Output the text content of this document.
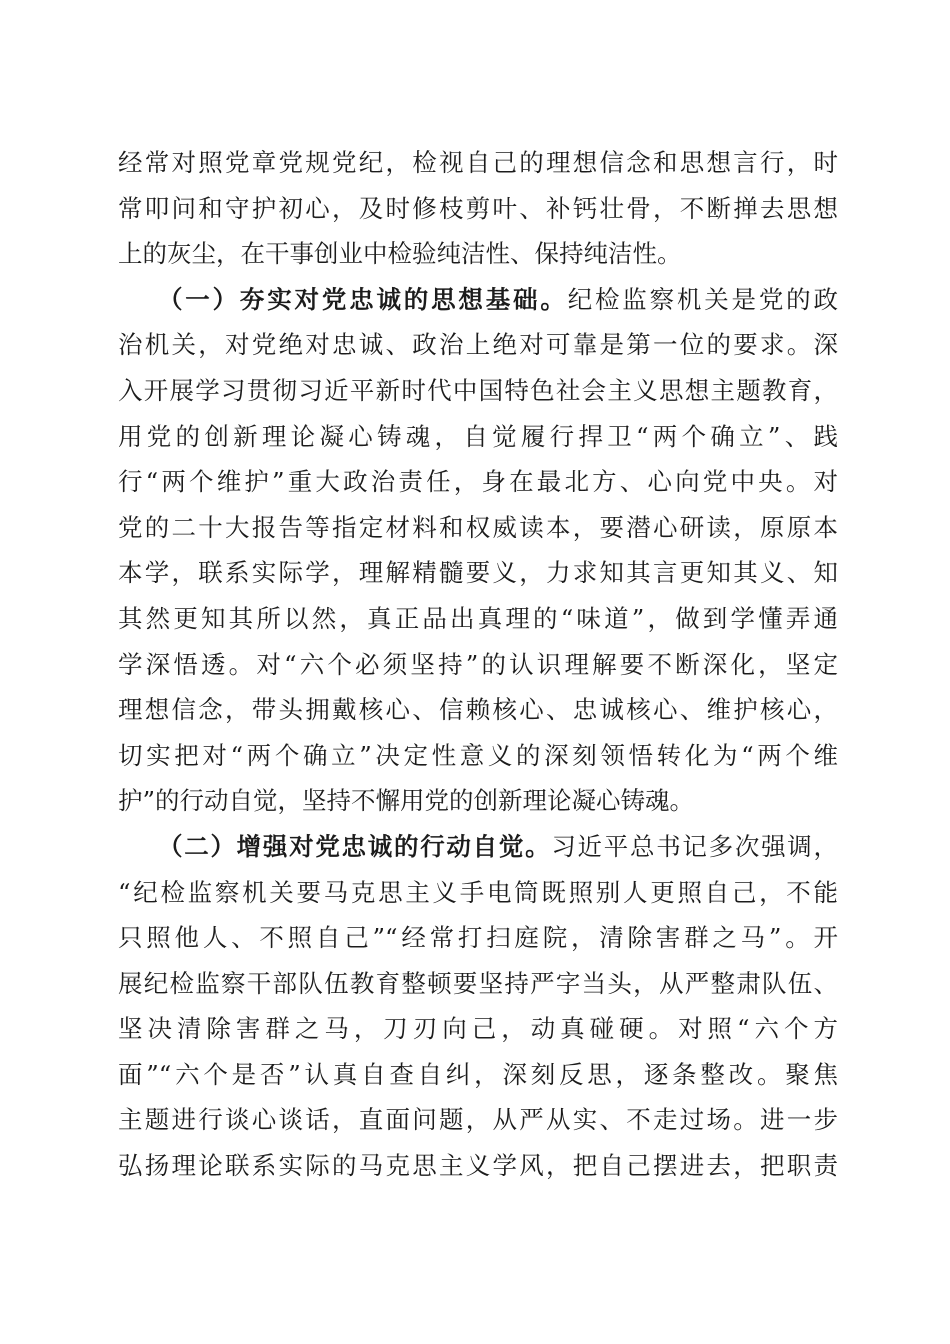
经常对照党章党规党纪，检视自己的理想信念和思想言行，时
常叩问和守护初心，及时修枝剪叶、补钙壮骨，不断掸去思想
上的灰尘，在干事创业中检验纯洁性、保持纯洁性。
（一）夯实对党忠诚的思想基础。纪检监察机关是党的政
治机关，对党绝对忠诚、政治上绝对可靠是第一位的要求。深
入开展学习贯彻习近平新时代中国特色社会主义思想主题教育，
用党的创新理论凝心铸魂，自觉履行捍卫“两个确立”、践
行“两个维护”重大政治责任，身在最北方、心向党中央。对
党的二十大报告等指定材料和权威读本，要潜心研读，原原本
本学，联系实际学，理解精髓要义，力求知其言更知其义、知
其然更知其所以然，真正品出真理的“味道”，做到学懂弄通
学深悟透。对“六个必须坚持”的认识理解要不断深化，坚定
理想信念，带头拥戴核心、信赖核心、忠诚核心、维护核心，
切实把对“两个确立”决定性意义的深刻领悟转化为“两个维
护”的行动自觉，坚持不懈用党的创新理论凝心铸魂。
（二）增强对党忠诚的行动自觉。习近平总书记多次强调，
“纪检监察机关要马克思主义手电筒既照别人更照自己，不能
只照他人、不照自己”“经常打扫庭院，清除害群之马”。开
展纪检监察干部队伍教育整顿要坚持严字当头，从严整肃队伍、
坚决清除害群之马，刀刃向己，动真碰硬。对照“六个方
面”“六个是否”认真自查自纠，深刻反思，逐条整改。聚焦
主题进行谈心谈话，直面问题，从严从实、不走过场。进一步
弘扬理论联系实际的马克思主义学风，把自己摆进去，把职责
